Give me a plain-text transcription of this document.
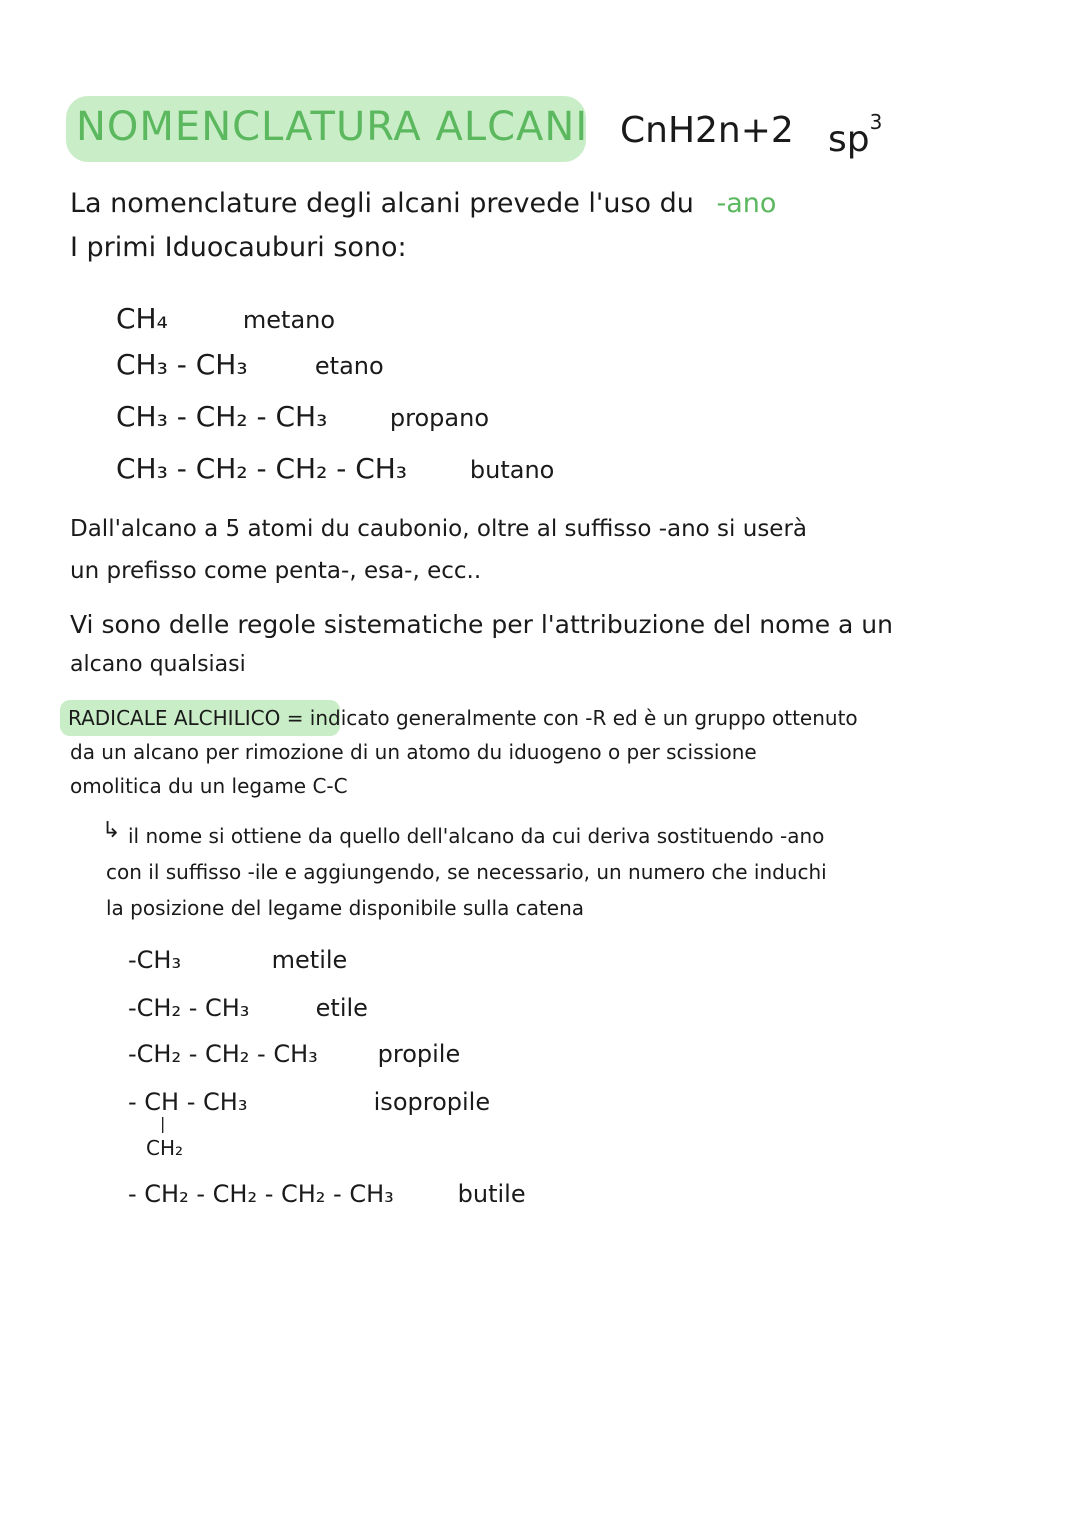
NOMENCLATURA ALCANI CnH2n+2 $sp^3$
La nomenclature degli alcani prevede l'uso du -ano
I primi Iduocauburi sono:
CH₄	metano
CH₃ - CH₃	etano
CH₃ - CH₂ - CH₃	propano
CH₃ - CH₂ - CH₂ - CH₃	butano
Dall'alcano a 5 atomi du caubonio, oltre al suffisso -ano si userà
un prefisso come penta-, esa-, ecc..
Vi sono delle regole sistematiche per l'attribuzione del nome a un
alcano qualsiasi
RADICALE ALCHILICO = indicato generalmente con -R ed è un gruppo ottenuto
da un alcano per rimozione di un atomo du iduogeno o per scissione
omolitica du un legame C-C
↳ il nome si ottiene da quello dell'alcano da cui deriva sostituendo -ano
con il suffisso -ile e aggiungendo, se necessario, un numero che induchi
la posizione del legame disponibile sulla catena
-CH₃	metile
-CH₂ - CH₃	etile
-CH₂ - CH₂ - CH₃ propile
- CH - CH₃	isopropile
|
CH₂
- CH₂ - CH₂ - CH₂ - CH₃	butile
